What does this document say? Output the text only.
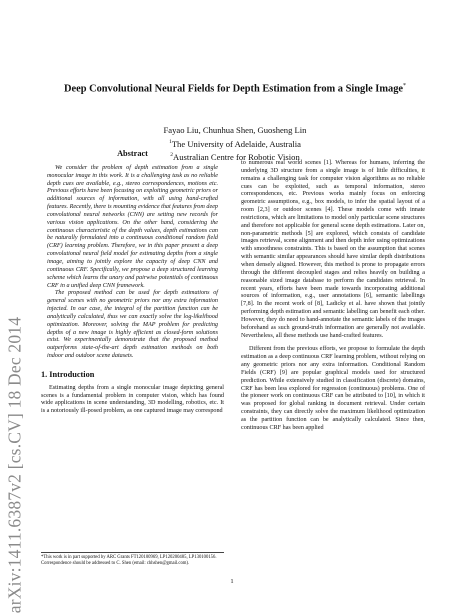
arXiv:1411.6387v2 [cs.CV] 18 Dec 2014
Deep Convolutional Neural Fields for Depth Estimation from a Single Image*
Fayao Liu, Chunhua Shen, Guosheng Lin
$^1$The University of Adelaide, Australia
$^2$Australian Centre for Robotic Vision
Abstract

We consider the problem of depth estimation from a single monocular image in this work. It is a challenging task as no reliable depth cues are available, e.g., stereo correspondences, motions etc. Previous efforts have been focusing on exploiting geometric priors or additional sources of information, with all using hand-crafted features. Recently, there is mounting evidence that features from deep convolutional neural networks (CNN) are setting new records for various vision applications. On the other hand, considering the continuous characteristic of the depth values, depth estimations can be naturally formulated into a continuous conditional random field (CRF) learning problem. Therefore, we in this paper present a deep convolutional neural field model for estimating depths from a single image, aiming to jointly explore the capacity of deep CNN and continuous CRF. Specifically, we propose a deep structured learning scheme which learns the unary and pairwise potentials of continuous CRF in a unified deep CNN framework.

The proposed method can be used for depth estimations of general scenes with no geometric priors nor any extra information injected. In our case, the integral of the partition function can be analytically calculated, thus we can exactly solve the log-likelihood optimization. Moreover, solving the MAP problem for predicting depths of a new image is highly efficient as closed-form solutions exist. We experimentally demonstrate that the proposed method outperforms state-of-the-art depth estimation methods on both indoor and outdoor scene datasets.

1. Introduction

Estimating depths from a single monocular image depicting general scenes is a fundamental problem in computer vision, which has found wide applications in scene understanding, 3D modelling, robotics, etc. It is a notoriously ill-posed problem, as one captured image may correspond

to numerous real world scenes [1]. Whereas for humans, inferring the underlying 3D structure from a single image is of little difficulties, it remains a challenging task for computer vision algorithms as no reliable cues can be exploited, such as temporal information, stereo correspondences, etc. Previous works mainly focus on enforcing geometric assumptions, e.g., box models, to infer the spatial layout of a room [2,3] or outdoor scenes [4]. These models come with innate restrictions, which are limitations to model only particular scene structures and therefore not applicable for general scene depth estimations. Later on, non-parametric methods [5] are explored, which consists of candidate images retrieval, scene alignment and then depth infer using optimizations with smoothness constraints. This is based on the assumption that scenes with semantic similar appearances should have similar depth distributions when densely aligned. However, this method is prone to propagate errors through the different decoupled stages and relies heavily on building a reasonable sized image database to perform the candidates retrieval. In recent years, efforts have been made towards incorporating additional sources of information, e.g., user annotations [6], semantic labellings [7,8]. In the recent work of [8], Ladicky et al. have shown that jointly performing depth estimation and semantic labelling can benefit each other. However, they do need to hand-annotate the semantic labels of the images beforehand as such ground-truth information are generally not available. Nevertheless, all these methods use hand-crafted features.

Different from the previous efforts, we propose to formulate the depth estimation as a deep continuous CRF learning problem, without relying on any geometric priors nor any extra information. Conditional Random Fields (CRF) [9] are popular graphical models used for structured prediction. While extensively studied in classification (discrete) domains, CRF has been less explored for regression (continuous) problems. One of the pioneer work on continuous CRF can be attributed to [10], in which it was proposed for global ranking in document retrieval. Under certain constraints, they can directly solve the maximum likelihood optimization as the partition function can be analytically calculated. Since then, continuous CRF has been applied

*This work is in part supported by ARC Grants FT120100969, LP120200485, LP130100156. Correspondence should be addressed to C. Shen (email: chhshen@gmail.com).
1
